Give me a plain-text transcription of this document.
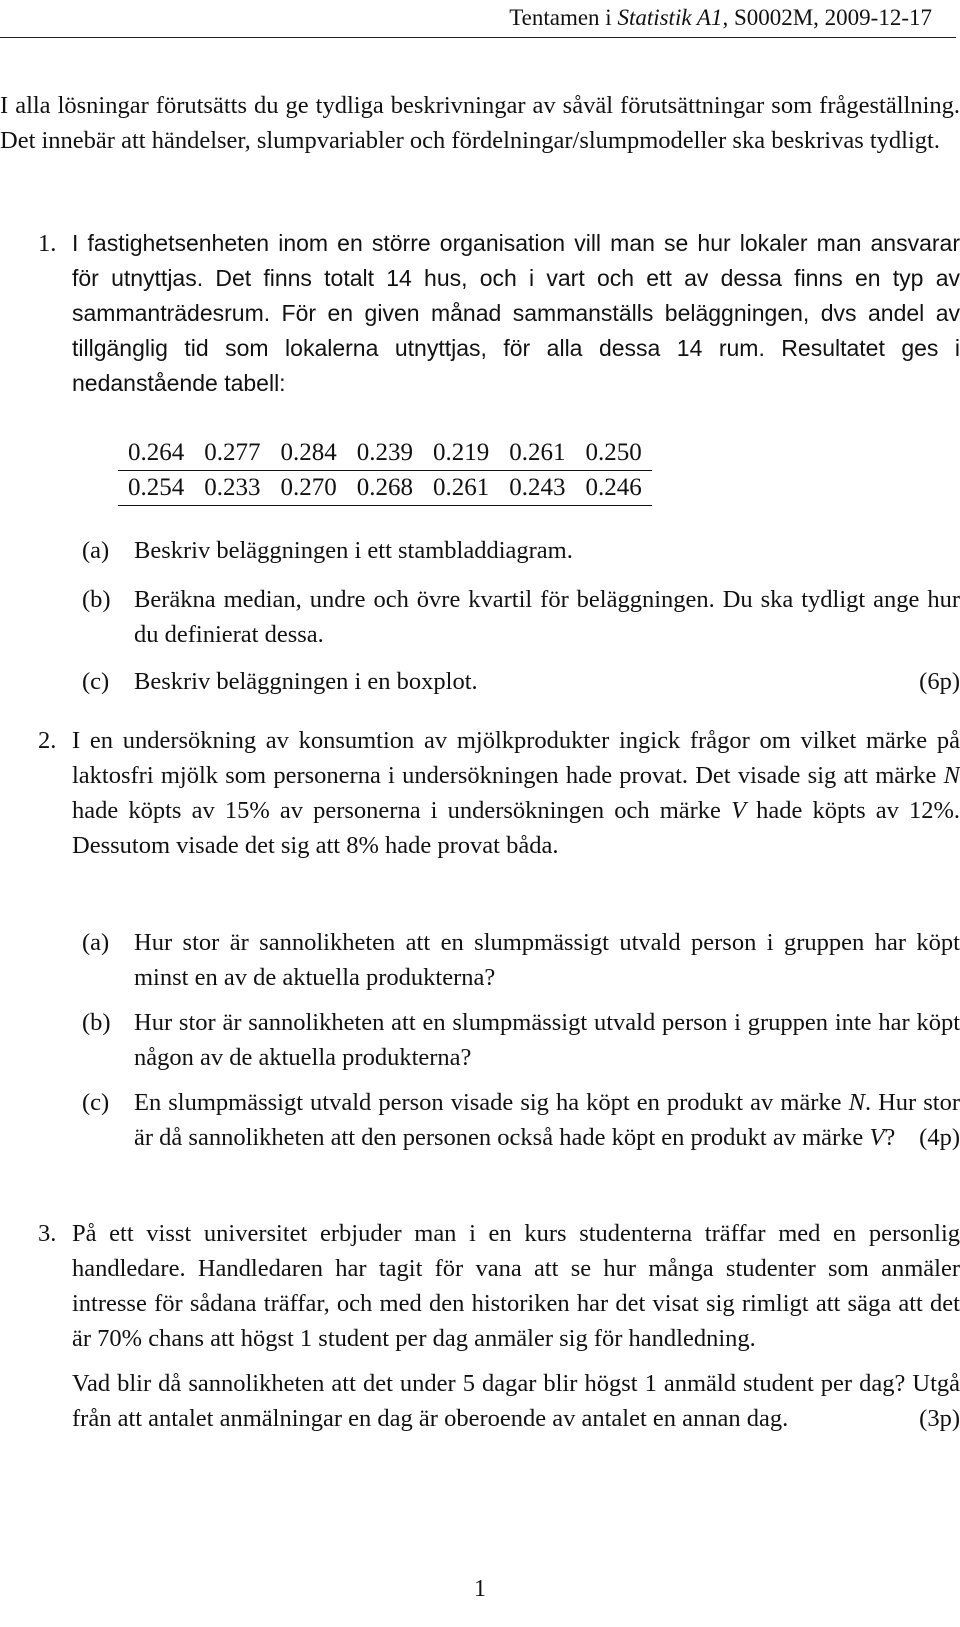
Tentamen i Statistik A1, S0002M, 2009-12-17
I alla lösningar förutsätts du ge tydliga beskrivningar av såväl förutsättningar som frågeställning. Det innebär att händelser, slumpvariabler och fördelningar/slumpmodeller ska beskrivas tydligt.
1. I fastighetsenheten inom en större organisation vill man se hur lokaler man ansvarar för utnyttjas. Det finns totalt 14 hus, och i vart och ett av dessa finns en typ av sammanträdesrum. För en given månad sammanställs beläggningen, dvs andel av tillgänglig tid som lokalerna utnyttjas, för alla dessa 14 rum. Resultatet ges i nedanstående tabell:
0.264	0.277	0.284	0.239	0.219	0.261	0.250
0.254	0.233	0.270	0.268	0.261	0.243	0.246
(a) Beskriv beläggningen i ett stambladdiagram.
(b) Beräkna median, undre och övre kvartil för beläggningen. Du ska tydligt ange hur du definierat dessa.
(c) Beskriv beläggningen i en boxplot.	(6p)
2. I en undersökning av konsumtion av mjölkprodukter ingick frågor om vilket märke på laktosfri mjölk som personerna i undersökningen hade provat. Det visade sig att märke N hade köpts av 15% av personerna i undersökningen och märke V hade köpts av 12%. Dessutom visade det sig att 8% hade provat båda.
(a) Hur stor är sannolikheten att en slumpmässigt utvald person i gruppen har köpt minst en av de aktuella produkterna?
(b) Hur stor är sannolikheten att en slumpmässigt utvald person i gruppen inte har köpt någon av de aktuella produkterna?
(c) En slumpmässigt utvald person visade sig ha köpt en produkt av märke N. Hur stor är då sannolikheten att den personen också hade köpt en produkt av märke V? (4p)
3. På ett visst universitet erbjuder man i en kurs studenterna träffar med en personlig handledare. Handledaren har tagit för vana att se hur många studenter som anmäler intresse för sådana träffar, och med den historiken har det visat sig rimligt att säga att det är 70% chans att högst 1 student per dag anmäler sig för handledning.

Vad blir då sannolikheten att det under 5 dagar blir högst 1 anmäld student per dag? Utgå från att antalet anmälningar en dag är oberoende av antalet en annan dag.	(3p)

1
